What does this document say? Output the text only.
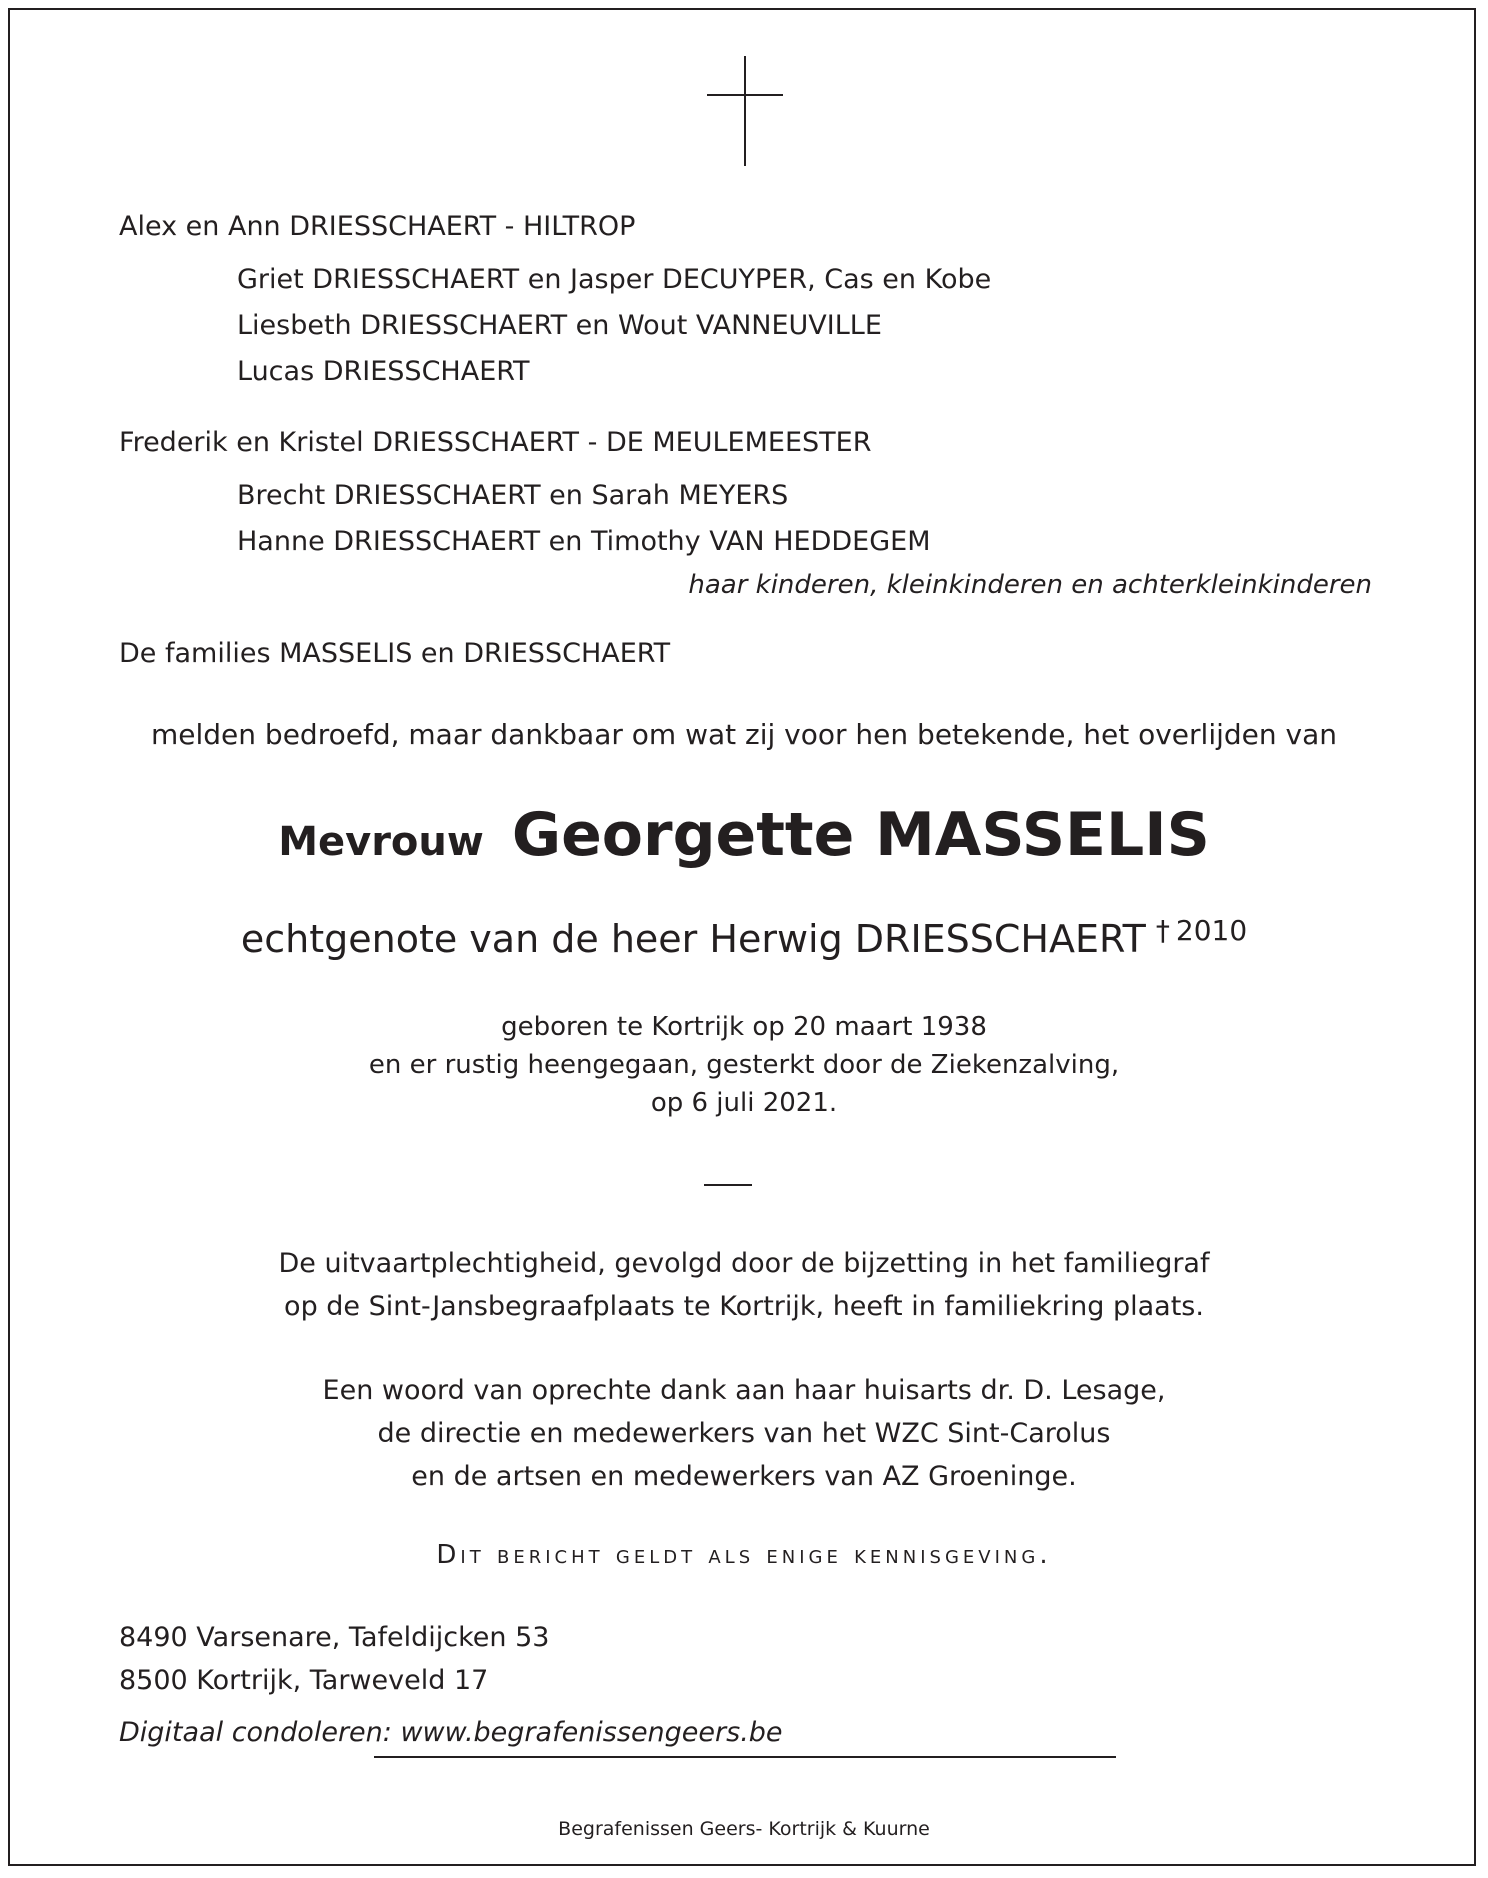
Alex en Ann DRIESSCHAERT - HILTROP
Griet DRIESSCHAERT en Jasper DECUYPER, Cas en Kobe
Liesbeth DRIESSCHAERT en Wout VANNEUVILLE
Lucas DRIESSCHAERT
Frederik en Kristel DRIESSCHAERT - DE MEULEMEESTER
Brecht DRIESSCHAERT en Sarah MEYERS
Hanne DRIESSCHAERT en Timothy VAN HEDDEGEM
haar kinderen, kleinkinderen en achterkleinkinderen
De families MASSELIS en DRIESSCHAERT
melden bedroefd, maar dankbaar om wat zij voor hen betekende, het overlijden van
Mevrouw Georgette MASSELIS
echtgenote van de heer Herwig DRIESSCHAERT † $^{2010}$
geboren te Kortrijk op 20 maart 1938
en er rustig heengegaan, gesterkt door de Ziekenzalving,
op 6 juli 2021.
De uitvaartplechtigheid, gevolgd door de bijzetting in het familiegraf
op de Sint-Jansbegraafplaats te Kortrijk, heeft in familiekring plaats.
Een woord van oprechte dank aan haar huisarts dr. D. Lesage,
de directie en medewerkers van het WZC Sint-Carolus
en de artsen en medewerkers van AZ Groeninge.
Dit bericht geldt als enige kennisgeving.
8490 Varsenare, Tafeldijcken 53
8500 Kortrijk, Tarweveld 17
Digitaal condoleren: www.begrafenissengeers.be
Begrafenissen Geers- Kortrijk & Kuurne
